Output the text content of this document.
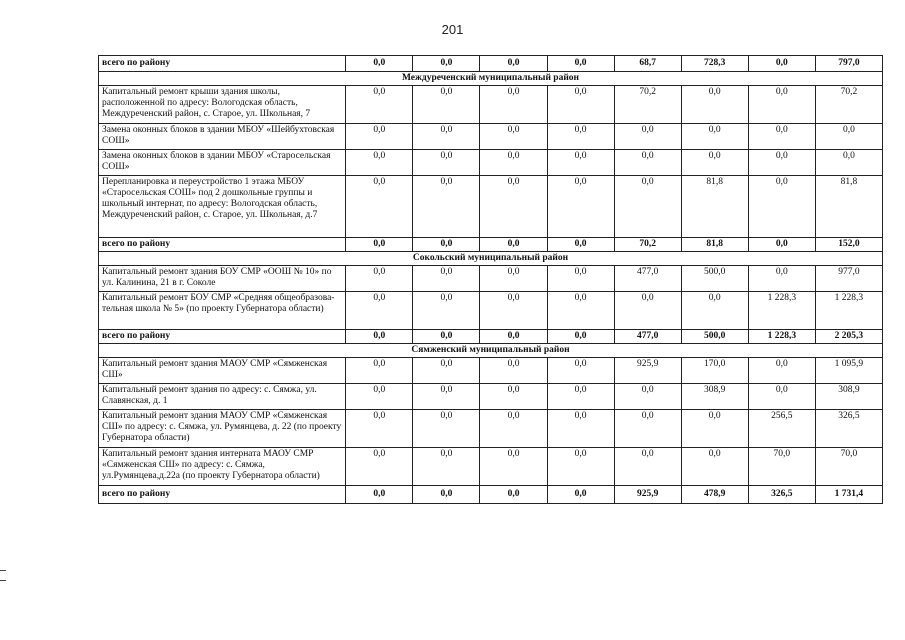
201
всего по району	0,0	0,0	0,0	0,0	68,7	728,3	0,0	797,0
Междуреченский муниципальный район								
Капитальный ремонт крыши здания школы, расположенной по адресу: Вологодская область, Междуреченский район, с. Старое, ул. Школьная, 7	0,0	0,0	0,0	0,0	70,2	0,0	0,0	70,2
Замена оконных блоков в здании МБОУ «Шейбухтовская СОШ»	0,0	0,0	0,0	0,0	0,0	0,0	0,0	0,0
Замена оконных блоков в здании МБОУ «Старосельская СОШ»	0,0	0,0	0,0	0,0	0,0	0,0	0,0	0,0
Перепланировка и переустройство 1 этажа МБОУ «Старосельская СОШ» под 2 дошкольные группы и школьный интернат, по адресу: Вологодская область, Междуреченский район, с. Старое, ул. Школьная, д.7	0,0	0,0	0,0	0,0	0,0	81,8	0,0	81,8
всего по району	0,0	0,0	0,0	0,0	70,2	81,8	0,0	152,0
Сокольский муниципальный район								
Капитальный ремонт здания БОУ СМР «ООШ № 10» по ул. Калинина, 21 в г. Соколе	0,0	0,0	0,0	0,0	477,0	500,0	0,0	977,0
Капитальный ремонт БОУ СМР «Средняя общеобразова-тельная школа № 5» (по проекту Губернатора области)	0,0	0,0	0,0	0,0	0,0	0,0	1 228,3	1 228,3
всего по району	0,0	0,0	0,0	0,0	477,0	500,0	1 228,3	2 205,3
Сямженский муниципальный район								
Капитальный ремонт здания МАОУ СМР «Сямженская СШ»	0,0	0,0	0,0	0,0	925,9	170,0	0,0	1 095,9
Капитальный ремонт здания по адресу: с. Сямжа, ул. Славянская, д. 1	0,0	0,0	0,0	0,0	0,0	308,9	0,0	308,9
Капитальный ремонт здания МАОУ СМР «Сямженская СШ» по адресу: с. Сямжа, ул. Румянцева, д. 22 (по проекту Губернатора области)	0,0	0,0	0,0	0,0	0,0	0,0	256,5	326,5
Капитальный ремонт здания интерната МАОУ СМР «Сямженская СШ» по адресу: с. Сямжа, ул.Румянцева,д.22а (по проекту Губернатора области)	0,0	0,0	0,0	0,0	0,0	0,0	70,0	70,0
всего по району	0,0	0,0	0,0	0,0	925,9	478,9	326,5	1 731,4
